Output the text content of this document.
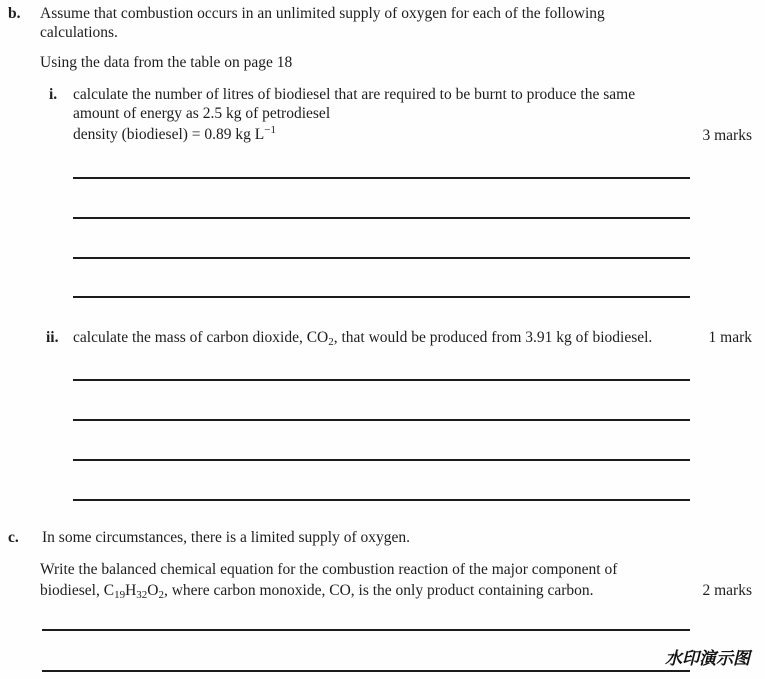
b. Assume that combustion occurs in an unlimited supply of oxygen for each of the following
calculations.
Using the data from the table on page 18
i. calculate the number of litres of biodiesel that are required to be burnt to produce the same
amount of energy as 2.5 kg of petrodiesel
density (biodiesel) = 0.89 kg $L^{-1}$	3 marks
ii. calculate the mass of carbon dioxide, $CO_2$, that would be produced from 3.91 kg of biodiesel.	1 mark
c. In some circumstances, there is a limited supply of oxygen.
Write the balanced chemical equation for the combustion reaction of the major component of
biodiesel, $C_{19}H_{32}O_2$, where carbon monoxide, CO, is the only product containing carbon.	2 marks
水印演示图
